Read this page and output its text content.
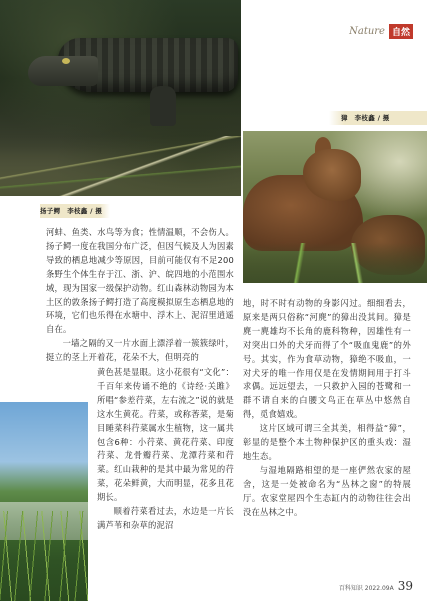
Nature 自然
獐　李枝鑫 / 摄
扬子鳄　李枝鑫 / 摄

河蚌、鱼类、水鸟等为食；性情温顺，不会伤人。扬子鳄一度在我国分布广泛，但因气候及人为因素导致的栖息地减少等原因，目前可能仅有不足200条野生个体生存于江、浙、沪、皖四地的小范围水域，现为国家一级保护动物。红山森林动物园为本土区的敦条扬子鳄打造了高度模拟原生态栖息地的环境，它们也乐得在水塘中、浮木上、泥沼里逍遥自在。

一墙之隔的又一片水面上漂浮着一簇簇绿叶，挺立的茎上开着花，花朵不大，但明亮的

黄色甚是显眼。这小花很有“文化”：千百年来传诵不绝的《诗经·关雎》所唱“参差荇菜，左右流之”说的就是这水生黄花。荇菜，或称莕菜，是菊目睡菜科荇菜属水生植物，这一属共包含6种：小荇菜、黄花荇菜、印度荇菜、龙骨瓣荇菜、龙潭荇菜和荇菜。红山栽种的是其中最为常见的荇菜，花朵鲜黄，大而明显，花多且花期长。

顺着荇菜看过去，水边是一片长满芦苇和杂草的泥沼

地，时不时有动物的身影闪过。细细看去，原来是两只俗称“河麂”的獐出没其间。獐是麂一麂雄均不长角的鹿科物种，因雄性有一对突出口外的犬牙而得了个“吸血鬼鹿”的外号。其实，作为食草动物，獐绝不吸血，一对犬牙的唯一作用仅是在发情期间用于打斗求偶。远远望去，一只救护入园的苍鹭和一群不请自来的白腰文鸟正在草丛中悠然自得，觅食嬉戏。

这片区域可谓三全其美，相得益“獐”，彰显的是整个本土物种保护区的重头戏：湿地生态。

与湿地隔路相望的是一座俨然农家的屋舍，这是一处被命名为“丛林之窗”的特展厅。农家堂屋四个生态缸内的动物往往会出没在丛林之中。

百科知识 2022.09A 39
